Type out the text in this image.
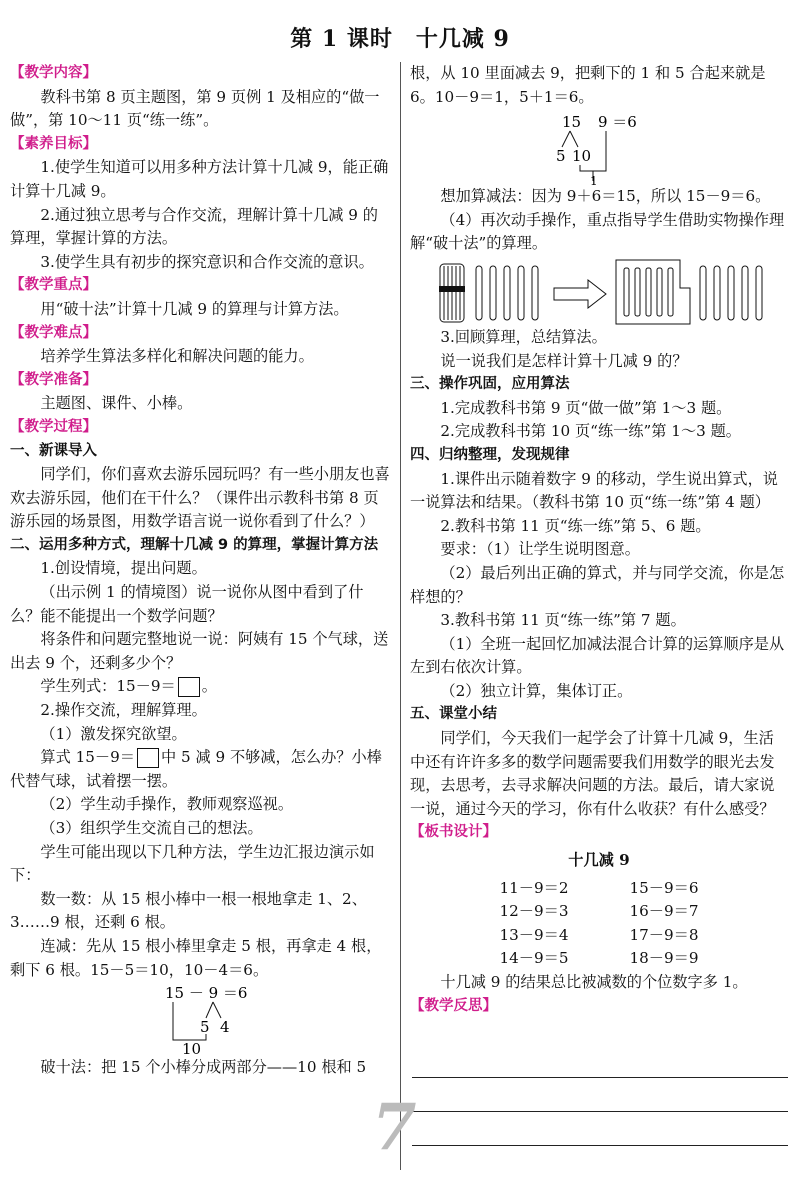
第 1 课时　十几减 9

【教学内容】

教科书第 8 页主题图，第 9 页例 1 及相应的“做一做”，第 10～11 页“练一练”。

【素养目标】

1.使学生知道可以用多种方法计算十几减 9，能正确计算十几减 9。

2.通过独立思考与合作交流，理解计算十几减 9 的算理，掌握计算的方法。

3.使学生具有初步的探究意识和合作交流的意识。

【教学重点】

用“破十法”计算十几减 9 的算理与计算方法。

【教学难点】

培养学生算法多样化和解决问题的能力。

【教学准备】

主题图、课件、小棒。

【教学过程】

一、新课导入

同学们，你们喜欢去游乐园玩吗？有一些小朋友也喜欢去游乐园，他们在干什么？（课件出示教科书第 8 页游乐园的场景图，用数学语言说一说你看到了什么？）

二、运用多种方式，理解十几减 9 的算理，掌握计算方法

1.创设情境，提出问题。

（出示例 1 的情境图）说一说你从图中看到了什么？能不能提出一个数学问题？

将条件和问题完整地说一说：阿姨有 15 个气球，送出去 9 个，还剩多少个？

学生列式：15－9＝ 。

2.操作交流，理解算理。

（1）激发探究欲望。

算式 15－9＝ 中 5 减 9 不够减，怎么办？小棒代替气球，试着摆一摆。

（2）学生动手操作，教师观察巡视。

（3）组织学生交流自己的想法。

学生可能出现以下几种方法，学生边汇报边演示如下：

数一数：从 15 根小棒中一根一根地拿走 1、2、3……9 根，还剩 6 根。

连减：先从 15 根小棒里拿走 5 根，再拿走 4 根，剩下 6 根。15－5＝10，10－4＝6。

15 － 9 ＝6
5 4
10

破十法：把 15 个小棒分成两部分——10 根和 5

根，从 10 里面减去 9，把剩下的 1 和 5 合起来就是 6。10－9＝1，5＋1＝6。

15 9 ＝6
5 10
1

想加算减法：因为 9＋6＝15，所以 15－9＝6。

（4）再次动手操作，重点指导学生借助实物操作理解“破十法”的算理。

3.回顾算理，总结算法。

说一说我们是怎样计算十几减 9 的？

三、操作巩固，应用算法

1.完成教科书第 9 页“做一做”第 1～3 题。

2.完成教科书第 10 页“练一练”第 1～3 题。

四、归纳整理，发现规律

1.课件出示随着数字 9 的移动，学生说出算式，说一说算法和结果。（教科书第 10 页“练一练”第 4 题）

2.教科书第 11 页“练一练”第 5、6 题。

要求：（1）让学生说明图意。

（2）最后列出正确的算式，并与同学交流，你是怎样想的？

3.教科书第 11 页“练一练”第 7 题。

（1）全班一起回忆加减法混合计算的运算顺序是从左到右依次计算。

（2）独立计算，集体订正。

五、课堂小结

同学们，今天我们一起学会了计算十几减 9，生活中还有许许多多的数学问题需要我们用数学的眼光去发现，去思考，去寻求解决问题的方法。最后，请大家说一说，通过今天的学习，你有什么收获？有什么感受？

【板书设计】

十几减 9
11－9＝2	15－9＝6
12－9＝3	16－9＝7
13－9＝4	17－9＝8
14－9＝5	18－9＝9

十几减 9 的结果总比被减数的个位数字多 1。

【教学反思】

7
